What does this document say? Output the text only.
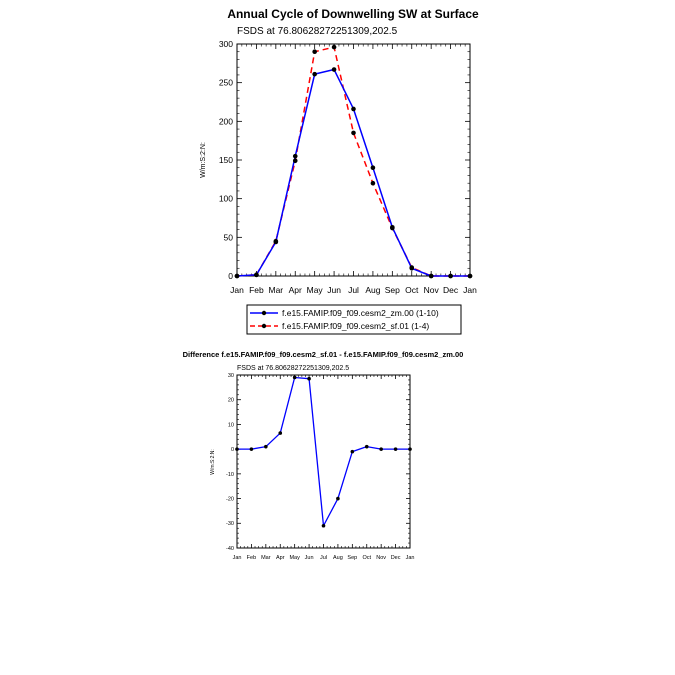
Annual Cycle of Downwelling SW at Surface
FSDS at 76.80628272251309,202.5
W/m:S:2:N:
Jan Feb Mar Apr May Jun Jul Aug Sep Oct Nov Dec Jan
0
50
100
150
200
250
300
f.e15.FAMIP.f09_f09.cesm2_zm.00 (1-10)
f.e15.FAMIP.f09_f09.cesm2_sf.01 (1-4)
Difference f.e15.FAMIP.f09_f09.cesm2_sf.01 - f.e15.FAMIP.f09_f09.cesm2_zm.00
FSDS at 76.80628272251309,202.5
W/m:S:2:N:
Jan Feb Mar Apr May Jun Jul Aug Sep Oct Nov Dec Jan
-40
-30
-20
-10
0
10
20
30
